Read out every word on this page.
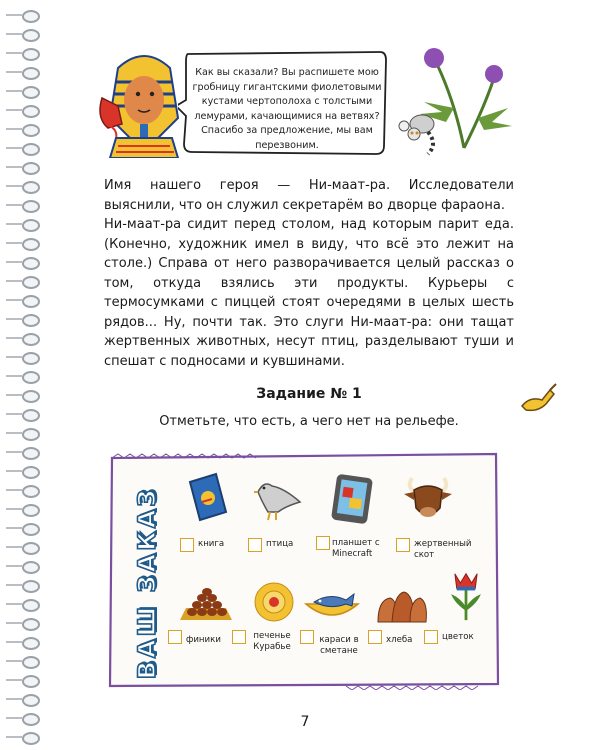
Как вы сказали? Вы распишете мою гробницу гигантскими фиолетовыми кустами чертополоха с толстыми лемурами, качающимися на ветвях? Спасибо за предложение, мы вам перезвоним.

Имя нашего героя — Ни-маат-ра. Исследователи выяснили, что он служил секретарём во дворце фараона.

Ни-маат-ра сидит перед столом, над которым парит еда. (Конечно, художник имел в виду, что всё это лежит на столе.) Справа от него разворачивается целый рассказ о том, откуда взялись эти продукты. Курьеры с термосумками с пиццей стоят очередями в целых шесть рядов... Ну, почти так. Это слуги Ни-маат-ра: они тащат жертвенных животных, несут птиц, разделывают туши и спешат с подносами и кувшинами.

Задание № 1
Отметьте, что есть, а чего нет на рельефе.
ВАШ ЗАКАЗ	книга	птица	планшет с Minecraft
жертвенный скот
финики	печенье Курабье
караси в сметане
хлеба	цветок
7
